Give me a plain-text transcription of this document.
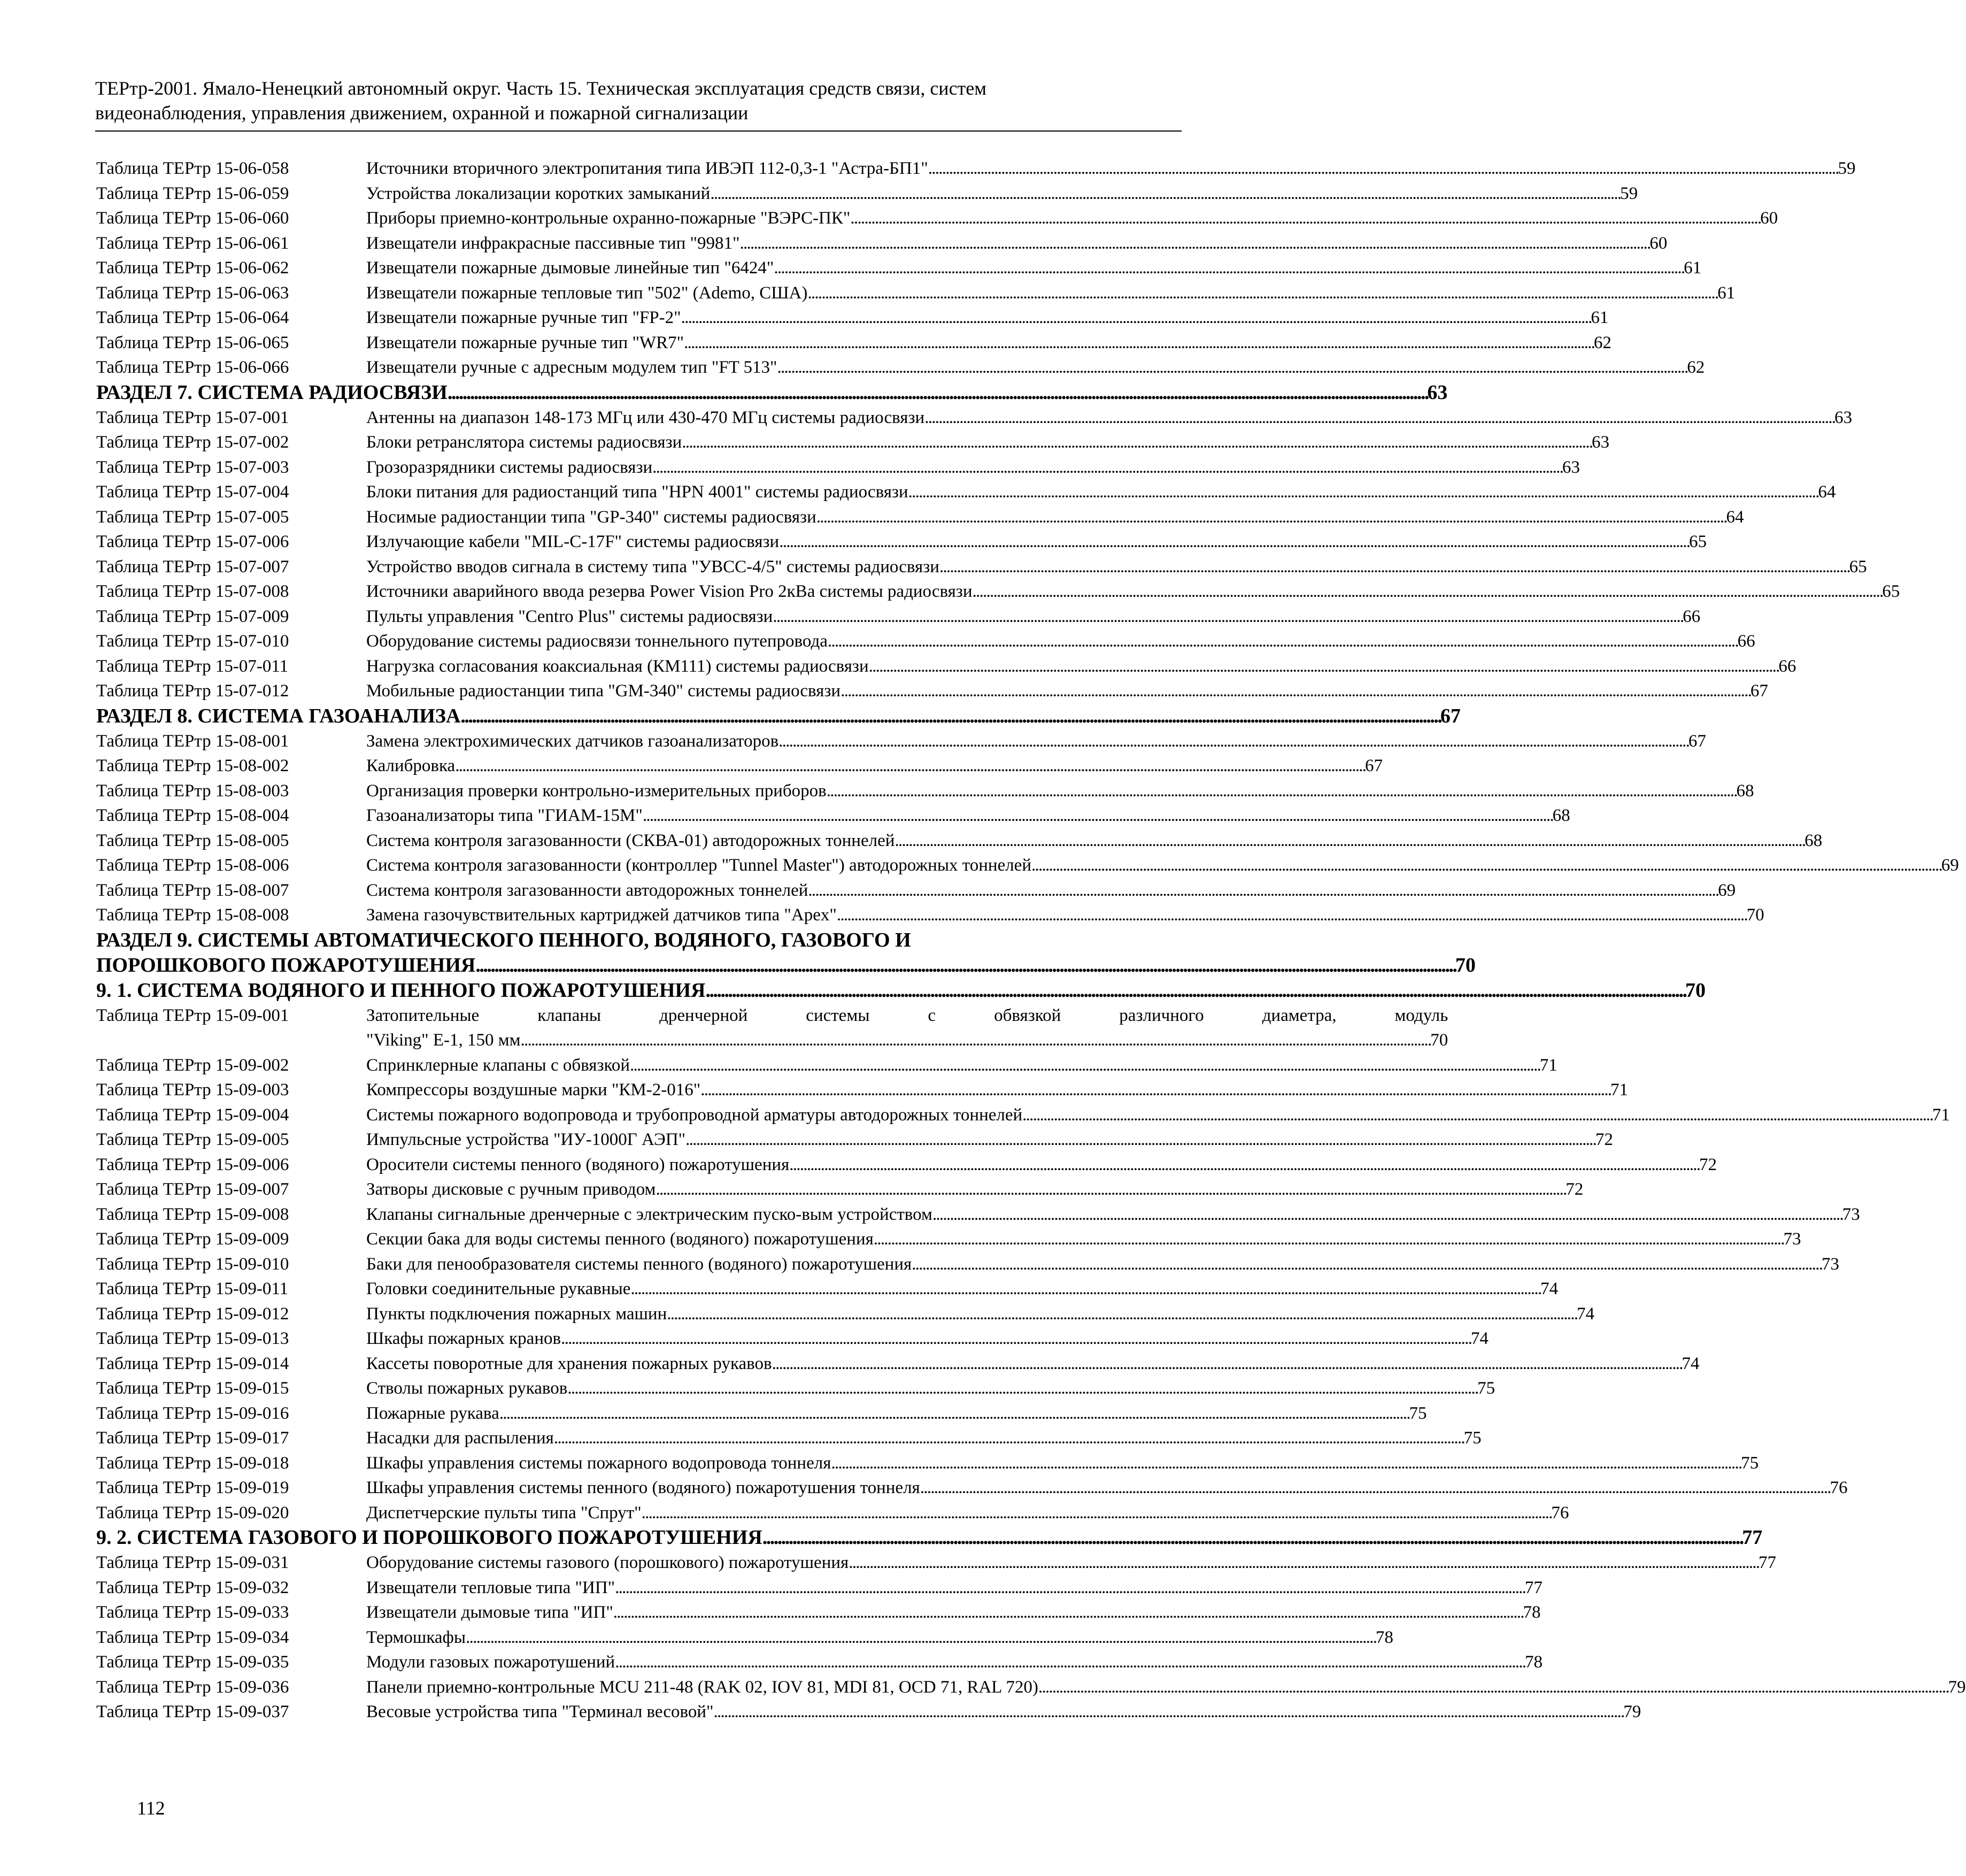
ТЕРтр-2001. Ямало-Ненецкий автономный округ. Часть 15. Техническая эксплуатация средств связи, систем
видеонаблюдения, управления движением, охранной и пожарной сигнализации
Таблица ТЕРтр 15-06-058	Источники вторичного электропитания типа ИВЭП 112-0,3-1 "Астра-БП1" . . .	59
Таблица ТЕРтр 15-06-059	Устройства локализации коротких замыканий . . .	59
Таблица ТЕРтр 15-06-060	Приборы приемно-контрольные охранно-пожарные "ВЭРС-ПК" . . .	60
Таблица ТЕРтр 15-06-061	Извещатели инфракрасные пассивные тип "9981" . . .	60
Таблица ТЕРтр 15-06-062	Извещатели пожарные дымовые линейные тип "6424" . . .	61
Таблица ТЕРтр 15-06-063	Извещатели пожарные тепловые тип "502" (Ademo, США) . . .	61
Таблица ТЕРтр 15-06-064	Извещатели пожарные ручные тип "FP-2" . . .	61
Таблица ТЕРтр 15-06-065	Извещатели пожарные ручные тип "WR7" . . .	62
Таблица ТЕРтр 15-06-066	Извещатели ручные с адресным модулем тип "FT 513" . . .	62
РАЗДЕЛ 7. СИСТЕМА РАДИОСВЯЗИ . . .	63
Таблица ТЕРтр 15-07-001	Антенны на диапазон 148-173 МГц или 430-470 МГц системы радиосвязи . . .	63
Таблица ТЕРтр 15-07-002	Блоки ретранслятора системы радиосвязи . . .	63
Таблица ТЕРтр 15-07-003	Грозоразрядники системы радиосвязи . . .	63
Таблица ТЕРтр 15-07-004	Блоки питания для радиостанций типа "HPN 4001" системы радиосвязи . . .	64
Таблица ТЕРтр 15-07-005	Носимые радиостанции типа "GP-340" системы радиосвязи . . .	64
Таблица ТЕРтр 15-07-006	Излучающие кабели "MIL-C-17F" системы радиосвязи . . .	65
Таблица ТЕРтр 15-07-007	Устройство вводов сигнала в систему типа "УВСС-4/5" системы радиосвязи . . .	65
Таблица ТЕРтр 15-07-008	Источники аварийного ввода резерва Power Vision Pro 2кВа системы радиосвязи . . .	65
Таблица ТЕРтр 15-07-009	Пульты управления "Centro Plus" системы радиосвязи . . .	66
Таблица ТЕРтр 15-07-010	Оборудование системы радиосвязи тоннельного путепровода . . .	66
Таблица ТЕРтр 15-07-011	Нагрузка согласования коаксиальная (КМ111) системы радиосвязи . . .	66
Таблица ТЕРтр 15-07-012	Мобильные радиостанции типа "GM-340" системы радиосвязи . . .	67
РАЗДЕЛ 8. СИСТЕМА ГАЗОАНАЛИЗА . . .	67
Таблица ТЕРтр 15-08-001	Замена электрохимических датчиков газоанализаторов . . .	67
Таблица ТЕРтр 15-08-002	Калибровка . . .	67
Таблица ТЕРтр 15-08-003	Организация проверки контрольно-измерительных приборов . . .	68
Таблица ТЕРтр 15-08-004	Газоанализаторы типа "ГИАМ-15М" . . .	68
Таблица ТЕРтр 15-08-005	Система контроля загазованности (СКВА-01) автодорожных тоннелей . . .	68
Таблица ТЕРтр 15-08-006	Система контроля загазованности (контроллер "Tunnel Master") автодорожных тоннелей . . .	69
Таблица ТЕРтр 15-08-007	Система контроля загазованности автодорожных тоннелей . . .	69
Таблица ТЕРтр 15-08-008	Замена газочувствительных картриджей датчиков типа "Apex" . . .	70
РАЗДЕЛ 9. СИСТЕМЫ АВТОМАТИЧЕСКОГО ПЕННОГО, ВОДЯНОГО, ГАЗОВОГО И
ПОРОШКОВОГО ПОЖАРОТУШЕНИЯ . . .	70
9. 1. СИСТЕМА ВОДЯНОГО И ПЕННОГО ПОЖАРОТУШЕНИЯ . . .	70
Таблица ТЕРтр 15-09-001	Затопительные клапаны дренчерной системы с обвязкой различного диаметра, модуль
"Viking" E-1, 150 мм . . .	70
Таблица ТЕРтр 15-09-002	Спринклерные клапаны с обвязкой . . .	71
Таблица ТЕРтр 15-09-003	Компрессоры воздушные марки "КМ-2-016" . . .	71
Таблица ТЕРтр 15-09-004	Системы пожарного водопровода и трубопроводной арматуры автодорожных тоннелей . . .	71
Таблица ТЕРтр 15-09-005	Импульсные устройства "ИУ-1000Г АЭП" . . .	72
Таблица ТЕРтр 15-09-006	Оросители системы пенного (водяного) пожаротушения . . .	72
Таблица ТЕРтр 15-09-007	Затворы дисковые с ручным приводом . . .	72
Таблица ТЕРтр 15-09-008	Клапаны сигнальные дренчерные с электрическим пуско-вым устройством . . .	73
Таблица ТЕРтр 15-09-009	Секции бака для воды системы пенного (водяного) пожаротушения . . .	73
Таблица ТЕРтр 15-09-010	Баки для пенообразователя системы пенного (водяного) пожаротушения . . .	73
Таблица ТЕРтр 15-09-011	Головки соединительные рукавные . . .	74
Таблица ТЕРтр 15-09-012	Пункты подключения пожарных машин . . .	74
Таблица ТЕРтр 15-09-013	Шкафы пожарных кранов . . .	74
Таблица ТЕРтр 15-09-014	Кассеты поворотные для хранения пожарных рукавов . . .	74
Таблица ТЕРтр 15-09-015	Стволы пожарных рукавов . . .	75
Таблица ТЕРтр 15-09-016	Пожарные рукава . . .	75
Таблица ТЕРтр 15-09-017	Насадки для распыления . . .	75
Таблица ТЕРтр 15-09-018	Шкафы управления системы пожарного водопровода тоннеля . . .	75
Таблица ТЕРтр 15-09-019	Шкафы управления системы пенного (водяного) пожаротушения тоннеля . . .	76
Таблица ТЕРтр 15-09-020	Диспетчерские пульты типа "Спрут" . . .	76
9. 2. СИСТЕМА ГАЗОВОГО И ПОРОШКОВОГО ПОЖАРОТУШЕНИЯ . . .	77
Таблица ТЕРтр 15-09-031	Оборудование системы газового (порошкового) пожаротушения . . .	77
Таблица ТЕРтр 15-09-032	Извещатели тепловые типа "ИП" . . .	77
Таблица ТЕРтр 15-09-033	Извещатели дымовые типа "ИП" . . .	78
Таблица ТЕРтр 15-09-034	Термошкафы . . .	78
Таблица ТЕРтр 15-09-035	Модули газовых пожаротушений . . .	78
Таблица ТЕРтр 15-09-036	Панели приемно-контрольные MCU 211-48 (RAK 02, IOV 81, MDI 81, OCD 71, RAL 720) . . .	79
Таблица ТЕРтр 15-09-037	Весовые устройства типа "Терминал весовой" . . .	79
112
